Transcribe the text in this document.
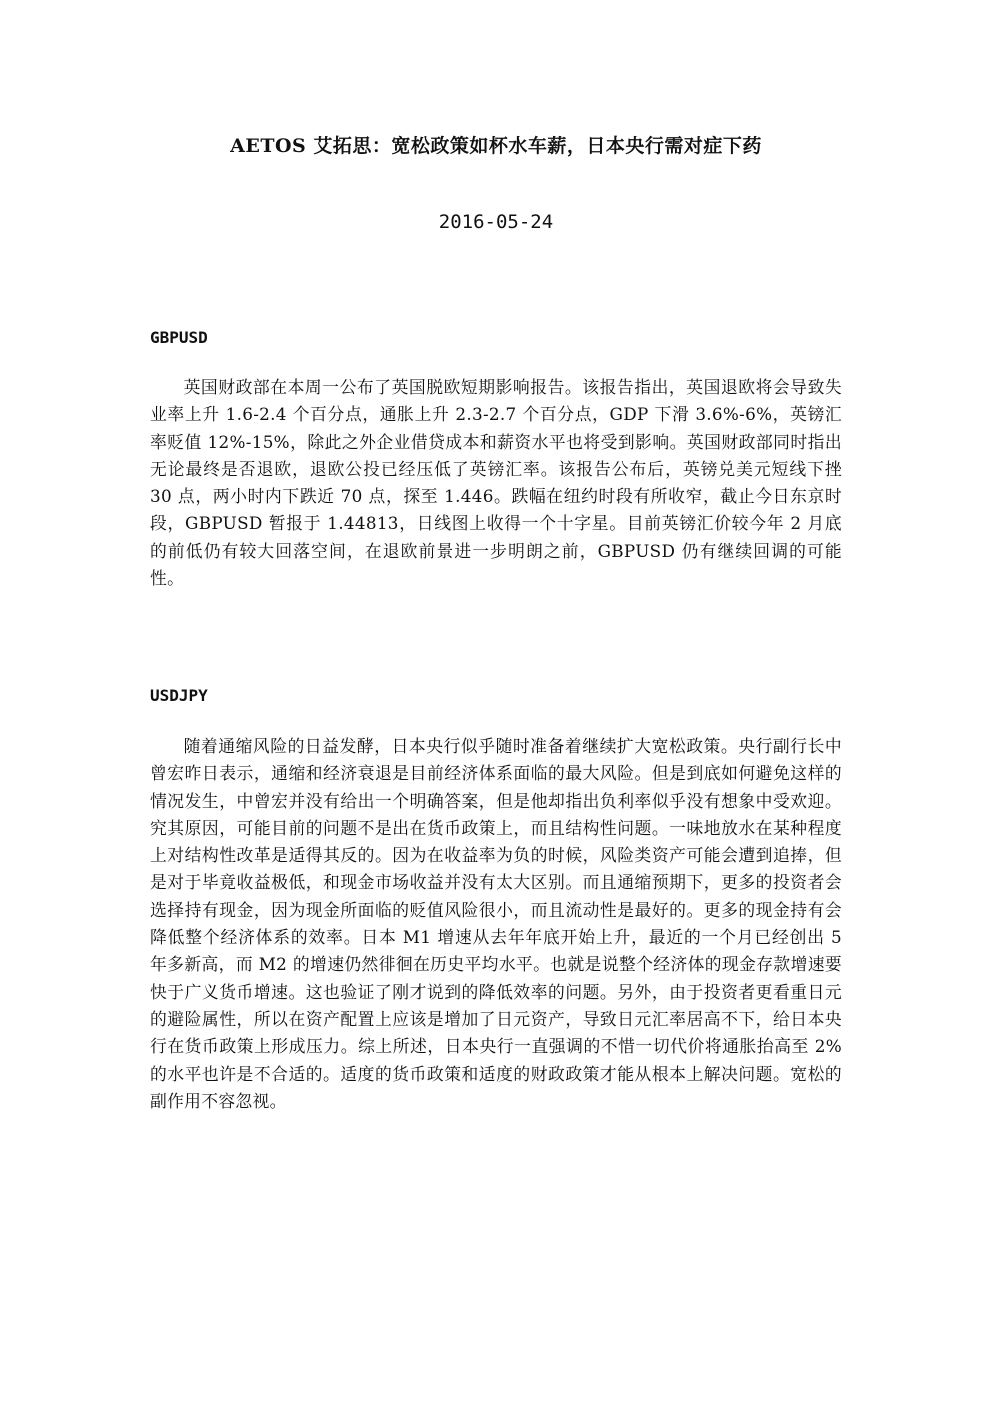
AETOS 艾拓思：宽松政策如杯水车薪，日本央行需对症下药
2016-05-24
GBPUSD
英国财政部在本周一公布了英国脱欧短期影响报告。该报告指出，英国退欧将会导致失业率上升 1.6-2.4 个百分点，通胀上升 2.3-2.7 个百分点，GDP 下滑 3.6%-6%，英镑汇率贬值 12%-15%，除此之外企业借贷成本和薪资水平也将受到影响。英国财政部同时指出无论最终是否退欧，退欧公投已经压低了英镑汇率。该报告公布后，英镑兑美元短线下挫 30 点，两小时内下跌近 70 点，探至 1.446。跌幅在纽约时段有所收窄，截止今日东京时段，GBPUSD 暂报于 1.44813，日线图上收得一个十字星。目前英镑汇价较今年 2 月底的前低仍有较大回落空间，在退欧前景进一步明朗之前，GBPUSD 仍有继续回调的可能性。
USDJPY
随着通缩风险的日益发酵，日本央行似乎随时准备着继续扩大宽松政策。央行副行长中曾宏昨日表示，通缩和经济衰退是目前经济体系面临的最大风险。但是到底如何避免这样的情况发生，中曾宏并没有给出一个明确答案，但是他却指出负利率似乎没有想象中受欢迎。究其原因，可能目前的问题不是出在货币政策上，而且结构性问题。一味地放水在某种程度上对结构性改革是适得其反的。因为在收益率为负的时候，风险类资产可能会遭到追捧，但是对于毕竟收益极低，和现金市场收益并没有太大区别。而且通缩预期下，更多的投资者会选择持有现金，因为现金所面临的贬值风险很小，而且流动性是最好的。更多的现金持有会降低整个经济体系的效率。日本 M1 增速从去年年底开始上升，最近的一个月已经创出 5 年多新高，而 M2 的增速仍然徘徊在历史平均水平。也就是说整个经济体的现金存款增速要快于广义货币增速。这也验证了刚才说到的降低效率的问题。另外，由于投资者更看重日元的避险属性，所以在资产配置上应该是增加了日元资产，导致日元汇率居高不下，给日本央行在货币政策上形成压力。综上所述，日本央行一直强调的不惜一切代价将通胀抬高至 2%的水平也许是不合适的。适度的货币政策和适度的财政政策才能从根本上解决问题。宽松的副作用不容忽视。
